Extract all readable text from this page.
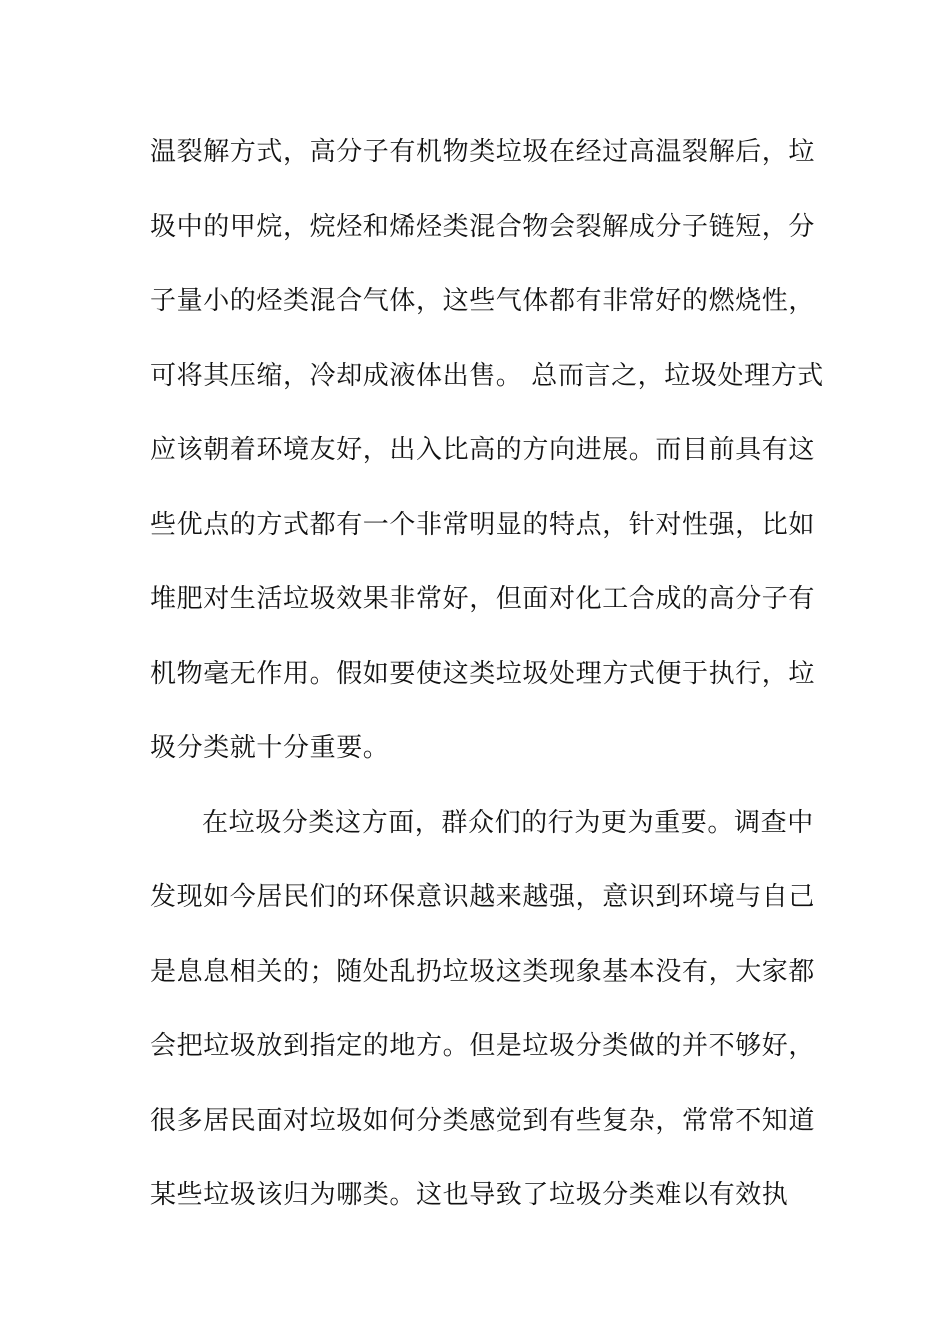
温裂解方式，高分子有机物类垃圾在经过高温裂解后，垃
圾中的甲烷，烷烃和烯烃类混合物会裂解成分子链短，分
子量小的烃类混合气体，这些气体都有非常好的燃烧性，
可将其压缩，冷却成液体出售。 总而言之，垃圾处理方式
应该朝着环境友好，出入比高的方向进展。而目前具有这
些优点的方式都有一个非常明显的特点，针对性强，比如
堆肥对生活垃圾效果非常好，但面对化工合成的高分子有
机物毫无作用。假如要使这类垃圾处理方式便于执行，垃
圾分类就十分重要。
在垃圾分类这方面，群众们的行为更为重要。调查中
发现如今居民们的环保意识越来越强，意识到环境与自己
是息息相关的；随处乱扔垃圾这类现象基本没有，大家都
会把垃圾放到指定的地方。但是垃圾分类做的并不够好，
很多居民面对垃圾如何分类感觉到有些复杂，常常不知道
某些垃圾该归为哪类。这也导致了垃圾分类难以有效执
